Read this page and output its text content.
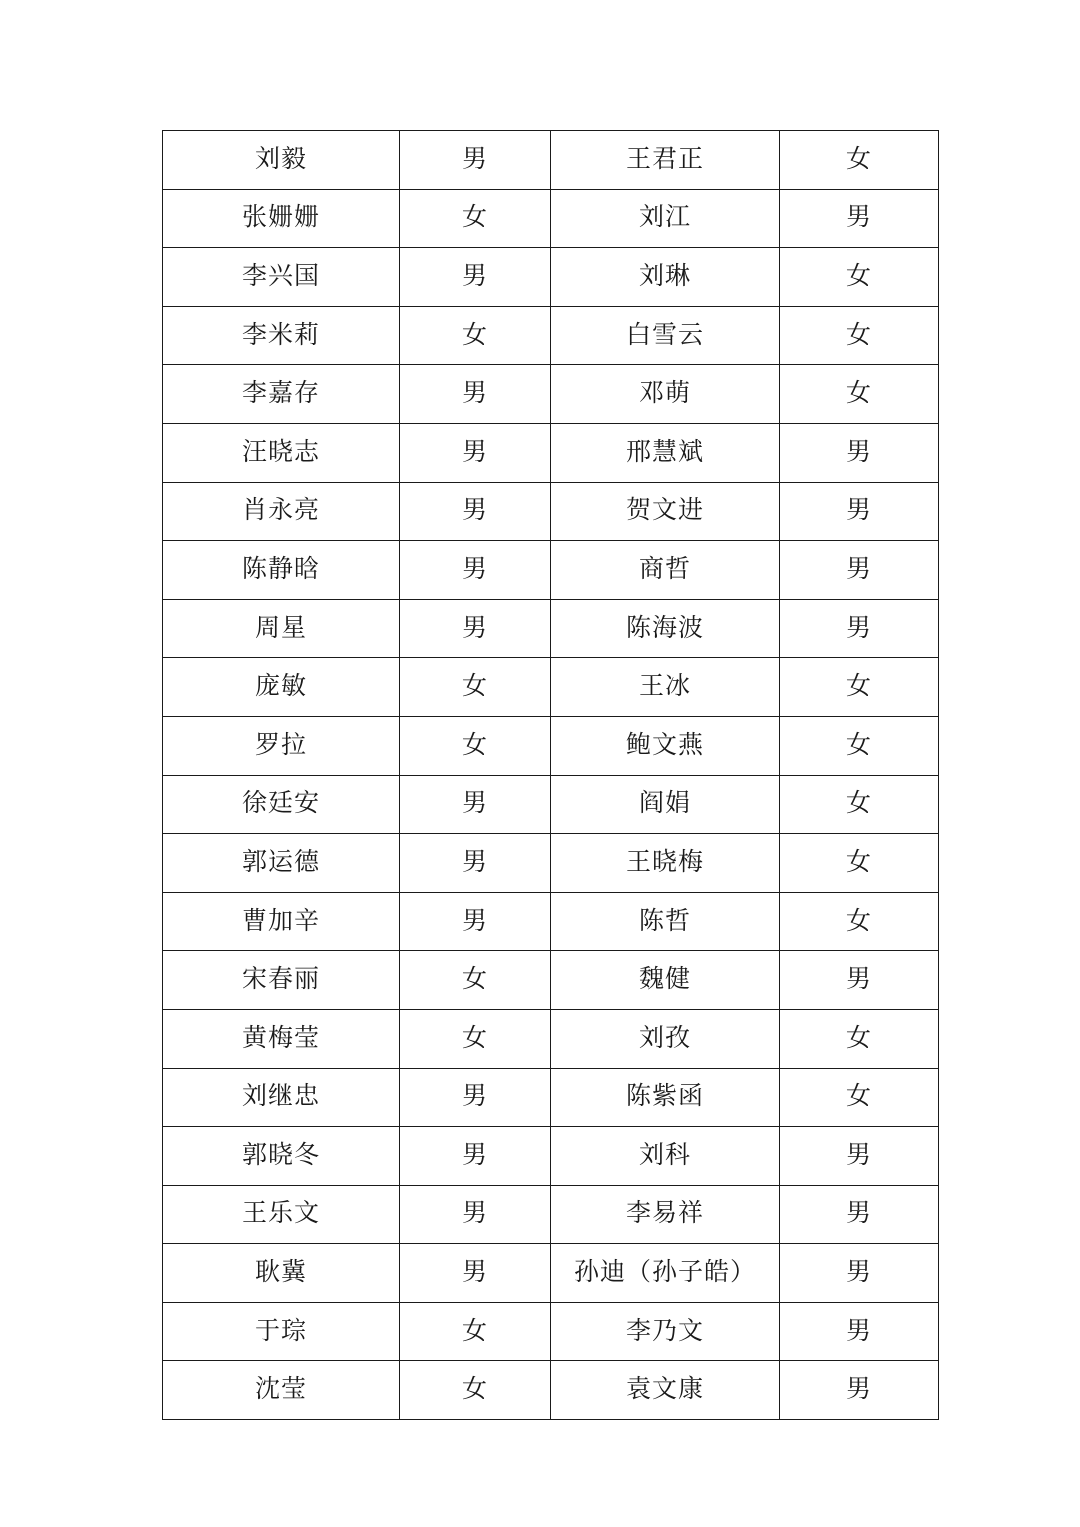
刘毅	男	王君正	女
张姗姗	女	刘江	男
李兴国	男	刘琳	女
李米莉	女	白雪云	女
李嘉存	男	邓萌	女
汪晓志	男	邢慧斌	男
肖永亮	男	贺文进	男
陈静晗	男	商哲	男
周星	男	陈海波	男
庞敏	女	王冰	女
罗拉	女	鲍文燕	女
徐廷安	男	阎娟	女
郭运德	男	王晓梅	女
曹加辛	男	陈哲	女
宋春丽	女	魏健	男
黄梅莹	女	刘孜	女
刘继忠	男	陈紫函	女
郭晓冬	男	刘科	男
王乐文	男	李易祥	男
耿冀	男	孙迪（孙子皓）	男
于琮	女	李乃文	男
沈莹	女	袁文康	男
